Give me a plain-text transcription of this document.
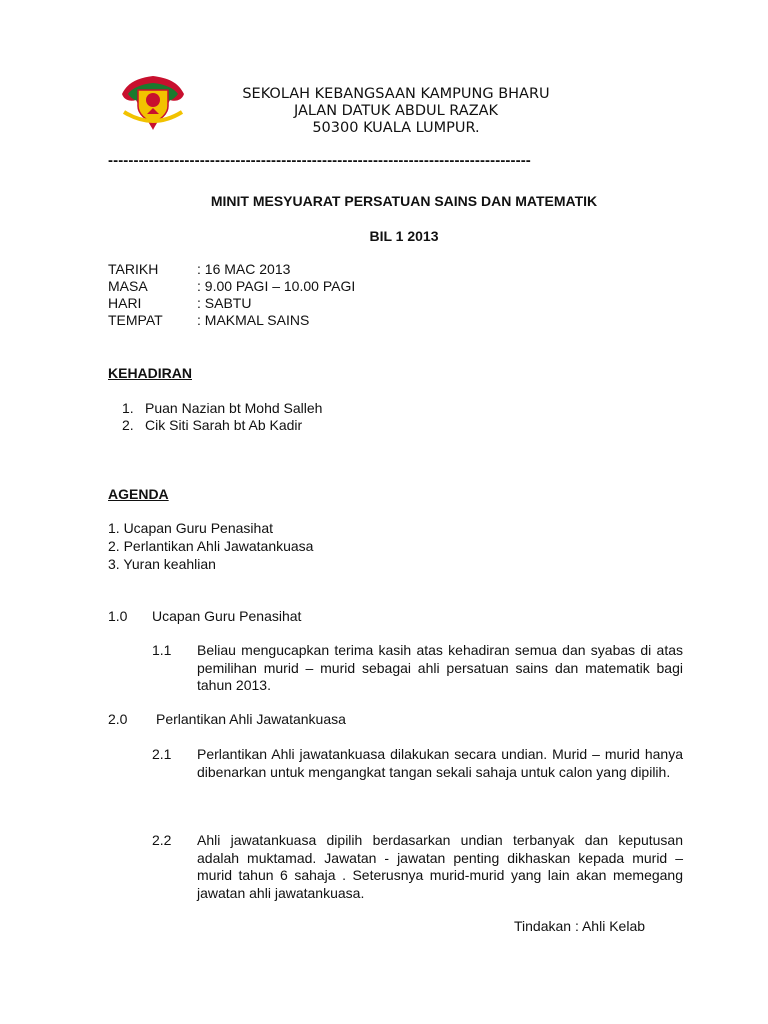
SEKOLAH KEBANGSAAN KAMPUNG BHARU
JALAN DATUK ABDUL RAZAK
50300 KUALA LUMPUR.
-----------------------------------------------------------------------------------
MINIT MESYUARAT PERSATUAN SAINS DAN MATEMATIK
BIL 1 2013
TARIKH	: 16 MAC 2013
MASA	: 9.00 PAGI – 10.00 PAGI
HARI	: SABTU
TEMPAT	: MAKMAL SAINS
KEHADIRAN
1. Puan Nazian bt Mohd Salleh
2. Cik Siti Sarah bt Ab Kadir
AGENDA
1. Ucapan Guru Penasihat
2. Perlantikan Ahli Jawatankuasa
3. Yuran keahlian
1.0 Ucapan Guru Penasihat
1.1 Beliau mengucapkan terima kasih atas kehadiran semua dan syabas di atas pemilihan murid – murid sebagai ahli persatuan sains dan matematik bagi tahun 2013.
2.0 Perlantikan Ahli Jawatankuasa
2.1 Perlantikan Ahli jawatankuasa dilakukan secara undian. Murid – murid hanya dibenarkan untuk mengangkat tangan sekali sahaja untuk calon yang dipilih.
2.2 Ahli jawatankuasa dipilih berdasarkan undian terbanyak dan keputusan adalah muktamad. Jawatan - jawatan penting dikhaskan kepada murid – murid tahun 6 sahaja . Seterusnya murid-murid yang lain akan memegang jawatan ahli jawatankuasa.
Tindakan : Ahli Kelab
